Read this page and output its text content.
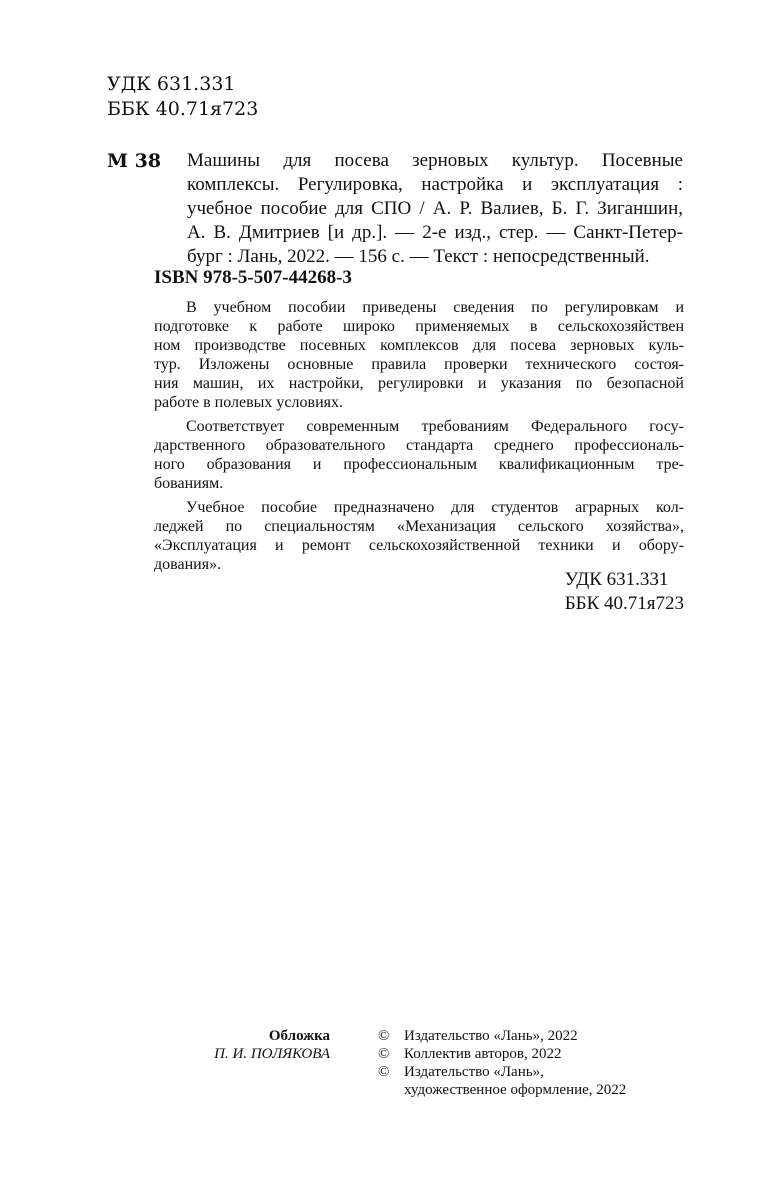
УДК 631.331
ББК 40.71я723
М 38 Машины для посева зерновых культур. Посевные
комплексы. Регулировка, настройка и эксплуатация :
учебное пособие для СПО / А. Р. Валиев, Б. Г. Зиганшин,
А. В. Дмитриев [и др.]. — 2-е изд., стер. — Санкт-Петер-
бург : Лань, 2022. — 156 с. — Текст : непосредственный.
ISBN 978-5-507-44268-3
В учебном пособии приведены сведения по регулировкам и
подготовке к работе широко применяемых в сельскохозяйствен
ном производстве посевных комплексов для посева зерновых куль-
тур. Изложены основные правила проверки технического состоя-
ния машин, их настройки, регулировки и указания по безопасной
работе в полевых условиях.
Соответствует современным требованиям Федерального госу-
дарственного образовательного стандарта среднего профессиональ-
ного образования и профессиональным квалификационным тре-
бованиям.
Учебное пособие предназначено для студентов аграрных кол-
леджей по специальностям «Механизация сельского хозяйства»,
«Эксплуатация и ремонт сельскохозяйственной техники и обору-
дования».
УДК 631.331
ББК 40.71я723
Обложка
П. И. ПОЛЯКОВА
© Издательство «Лань», 2022
© Коллектив авторов, 2022
© Издательство «Лань»,
художественное оформление, 2022
